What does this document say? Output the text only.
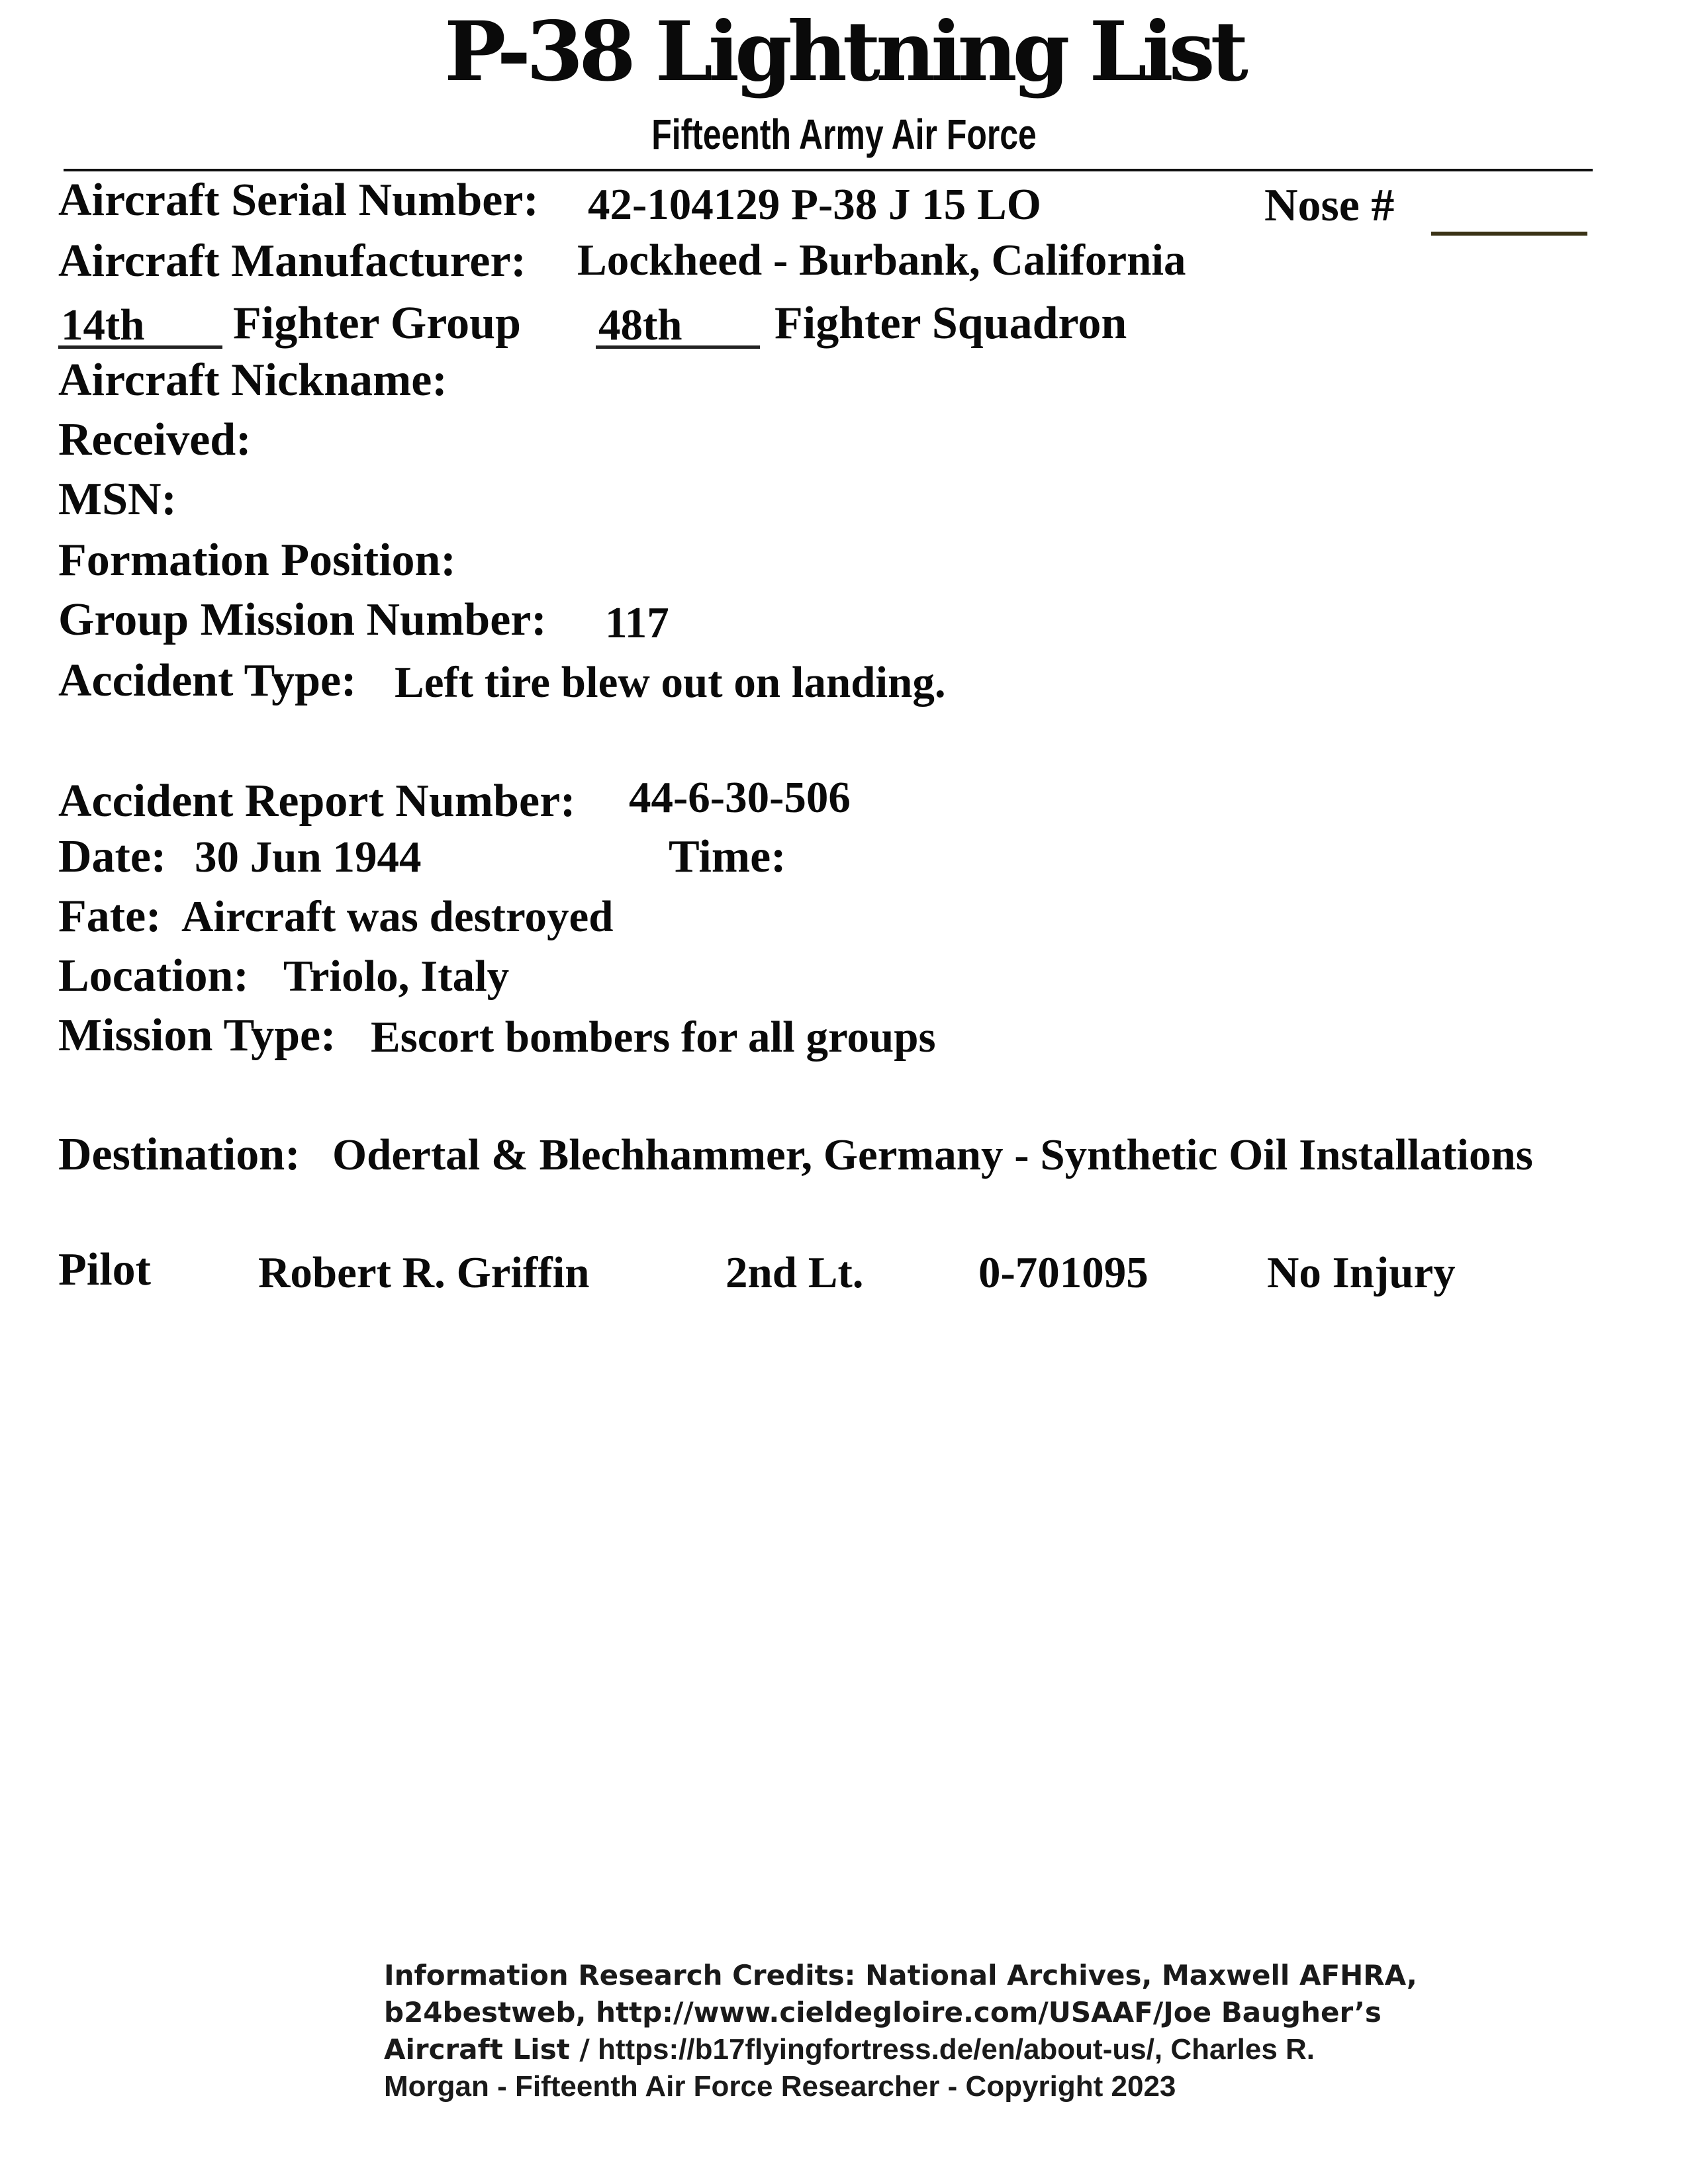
P-38 Lightning List
Fifteenth Army Air Force
Aircraft Serial Number: 42-104129 P-38 J 15 LO	Nose #
Aircraft Manufacturer: Lockheed - Burbank, California
14th Fighter Group 48th Fighter Squadron
Aircraft Nickname:
Received:
MSN:
Formation Position:
Group Mission Number: 117
Accident Type: Left tire blew out on landing.
Accident Report Number: 44-6-30-506
Date: 30 Jun 1944	Time:
Fate: Aircraft was destroyed
Location: Triolo, Italy
Mission Type: Escort bombers for all groups
Destination: Odertal & Blechhammer, Germany - Synthetic Oil Installations
Pilot Robert R. Griffin	2nd Lt.	0-701095	No Injury
Information Research Credits: National Archives, Maxwell AFHRA,
b24bestweb, http://www.cieldegloire.com/USAAF/Joe Baugher’s
Aircraft List / https://b17flyingfortress.de/en/about-us/, Charles R.
Morgan - Fifteenth Air Force Researcher - Copyright 2023
